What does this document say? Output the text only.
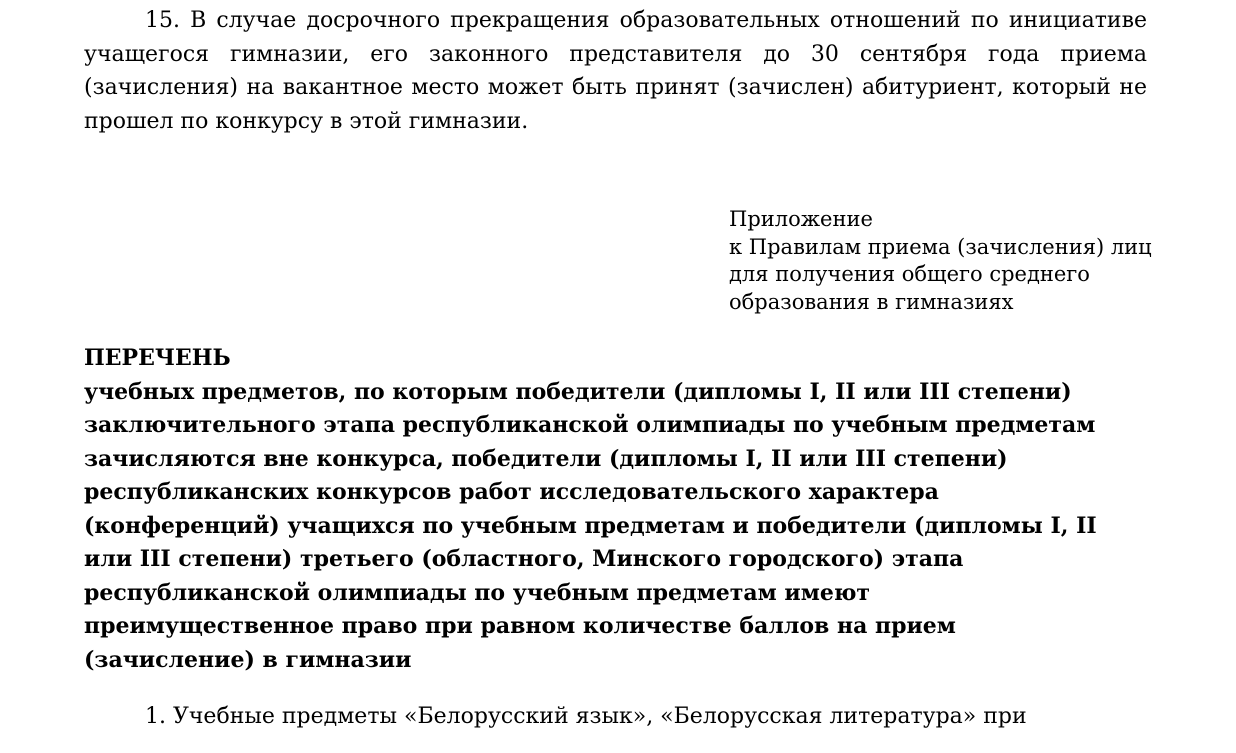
15. В случае досрочного прекращения образовательных отношений по инициативе учащегося гимназии, его законного представителя до 30 сентября года приема (зачисления) на вакантное место может быть принят (зачислен) абитуриент, который не прошел по конкурсу в этой гимназии.

Приложение
к Правилам приема (зачисления) лиц
для получения общего среднего
образования в гимназиях
ПЕРЕЧЕНЬ
учебных предметов, по которым победители (дипломы I, II или III степени)
заключительного этапа республиканской олимпиады по учебным предметам
зачисляются вне конкурса, победители (дипломы I, II или III степени)
республиканских конкурсов работ исследовательского характера
(конференций) учащихся по учебным предметам и победители (дипломы I, II
или III степени) третьего (областного, Минского городского) этапа
республиканской олимпиады по учебным предметам имеют
преимущественное право при равном количестве баллов на прием
(зачисление) в гимназии

1. Учебные предметы «Белорусский язык», «Белорусская литература» при
